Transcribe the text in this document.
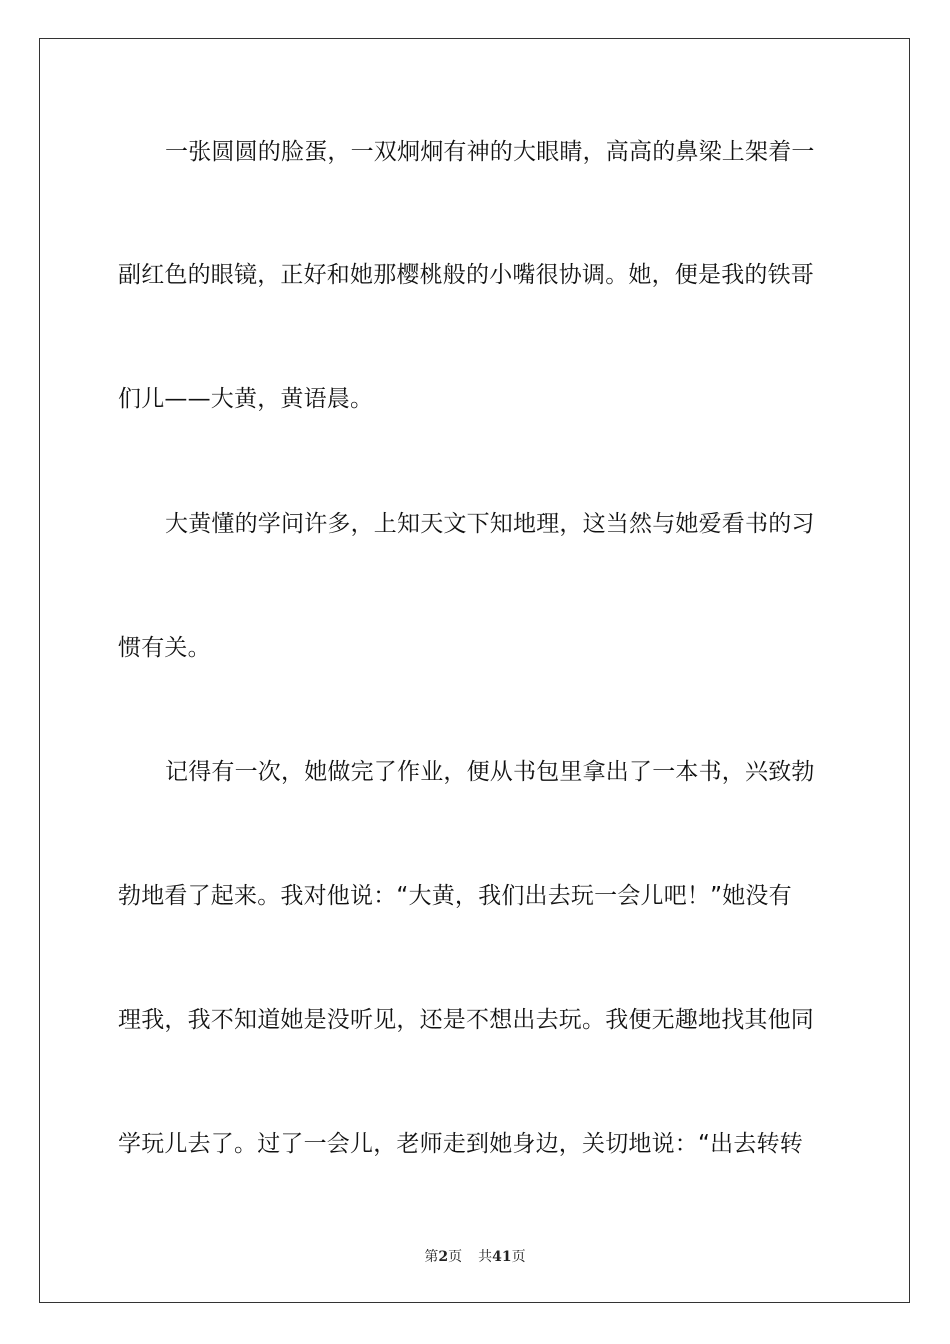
一张圆圆的脸蛋，一双炯炯有神的大眼睛，高高的鼻梁上架着一
副红色的眼镜，正好和她那樱桃般的小嘴很协调。她，便是我的铁哥
们儿——大黄，黄语晨。
大黄懂的学问许多，上知天文下知地理，这当然与她爱看书的习
惯有关。
记得有一次，她做完了作业，便从书包里拿出了一本书，兴致勃
勃地看了起来。我对他说：“大黄，我们出去玩一会儿吧！”她没有
理我，我不知道她是没听见，还是不想出去玩。我便无趣地找其他同
学玩儿去了。过了一会儿，老师走到她身边，关切地说：“出去转转
第2页 共41页
